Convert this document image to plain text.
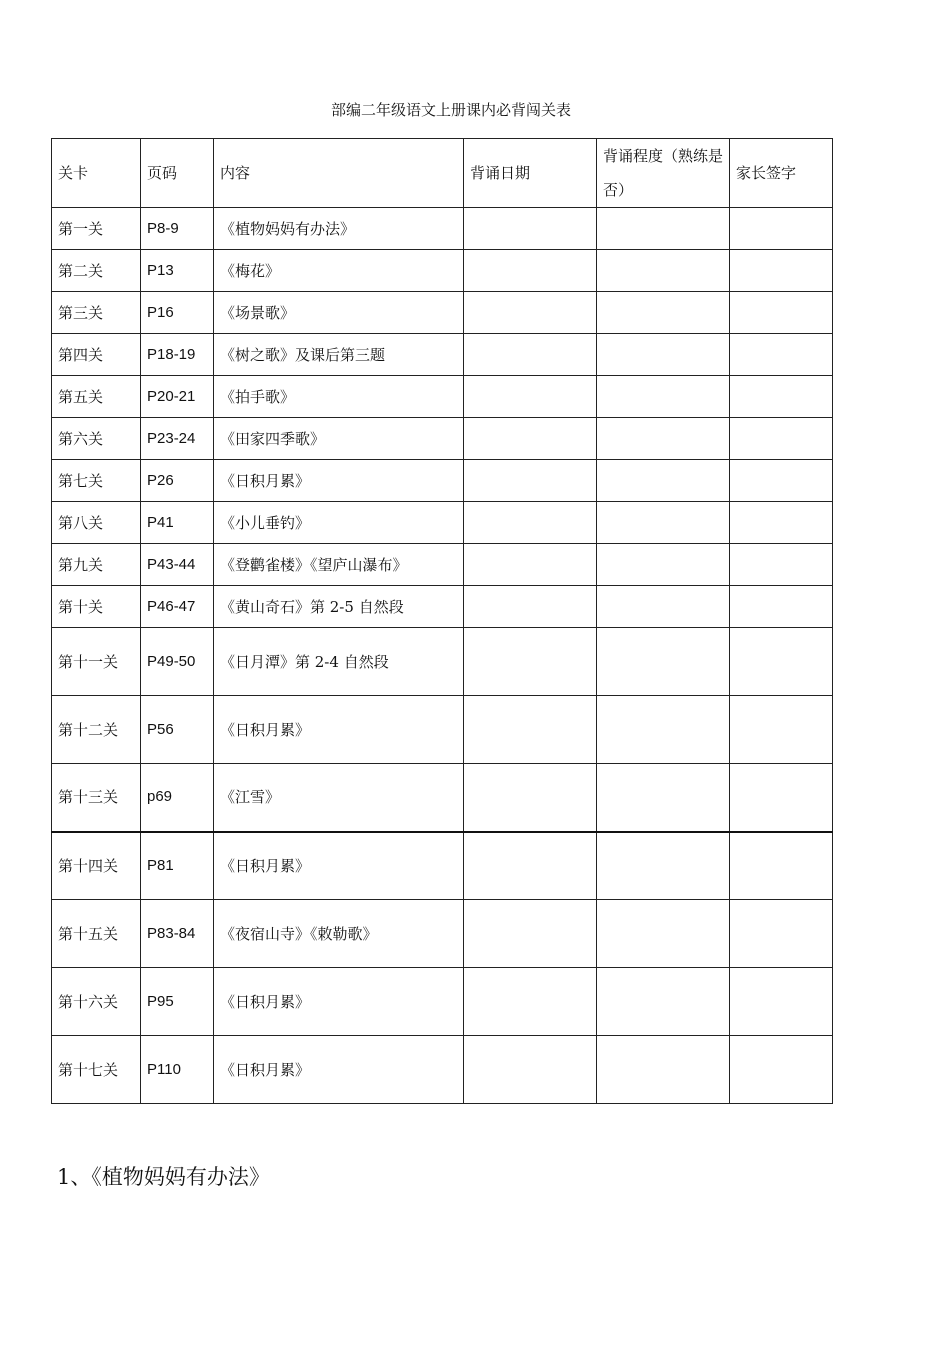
部编二年级语文上册课内必背闯关表
关卡	页码	内容	背诵日期	背诵程度（熟练是否）	家长签字
第一关	P8-9	《植物妈妈有办法》			
第二关	P13	《梅花》			
第三关	P16	《场景歌》			
第四关	P18-19	《树之歌》及课后第三题			
第五关	P20-21	《拍手歌》			
第六关	P23-24	《田家四季歌》			
第七关	P26	《日积月累》			
第八关	P41	《小儿垂钓》			
第九关	P43-44	《登鹳雀楼》《望庐山瀑布》			
第十关	P46-47	《黄山奇石》第 2-5 自然段			
第十一关	P49-50	《日月潭》第 2-4 自然段			
第十二关	P56	《日积月累》			
第十三关	p69	《江雪》			
第十四关	P81	《日积月累》			
第十五关	P83-84	《夜宿山寺》《敕勒歌》			
第十六关	P95	《日积月累》			
第十七关	P110	《日积月累》			
1、《植物妈妈有办法》
